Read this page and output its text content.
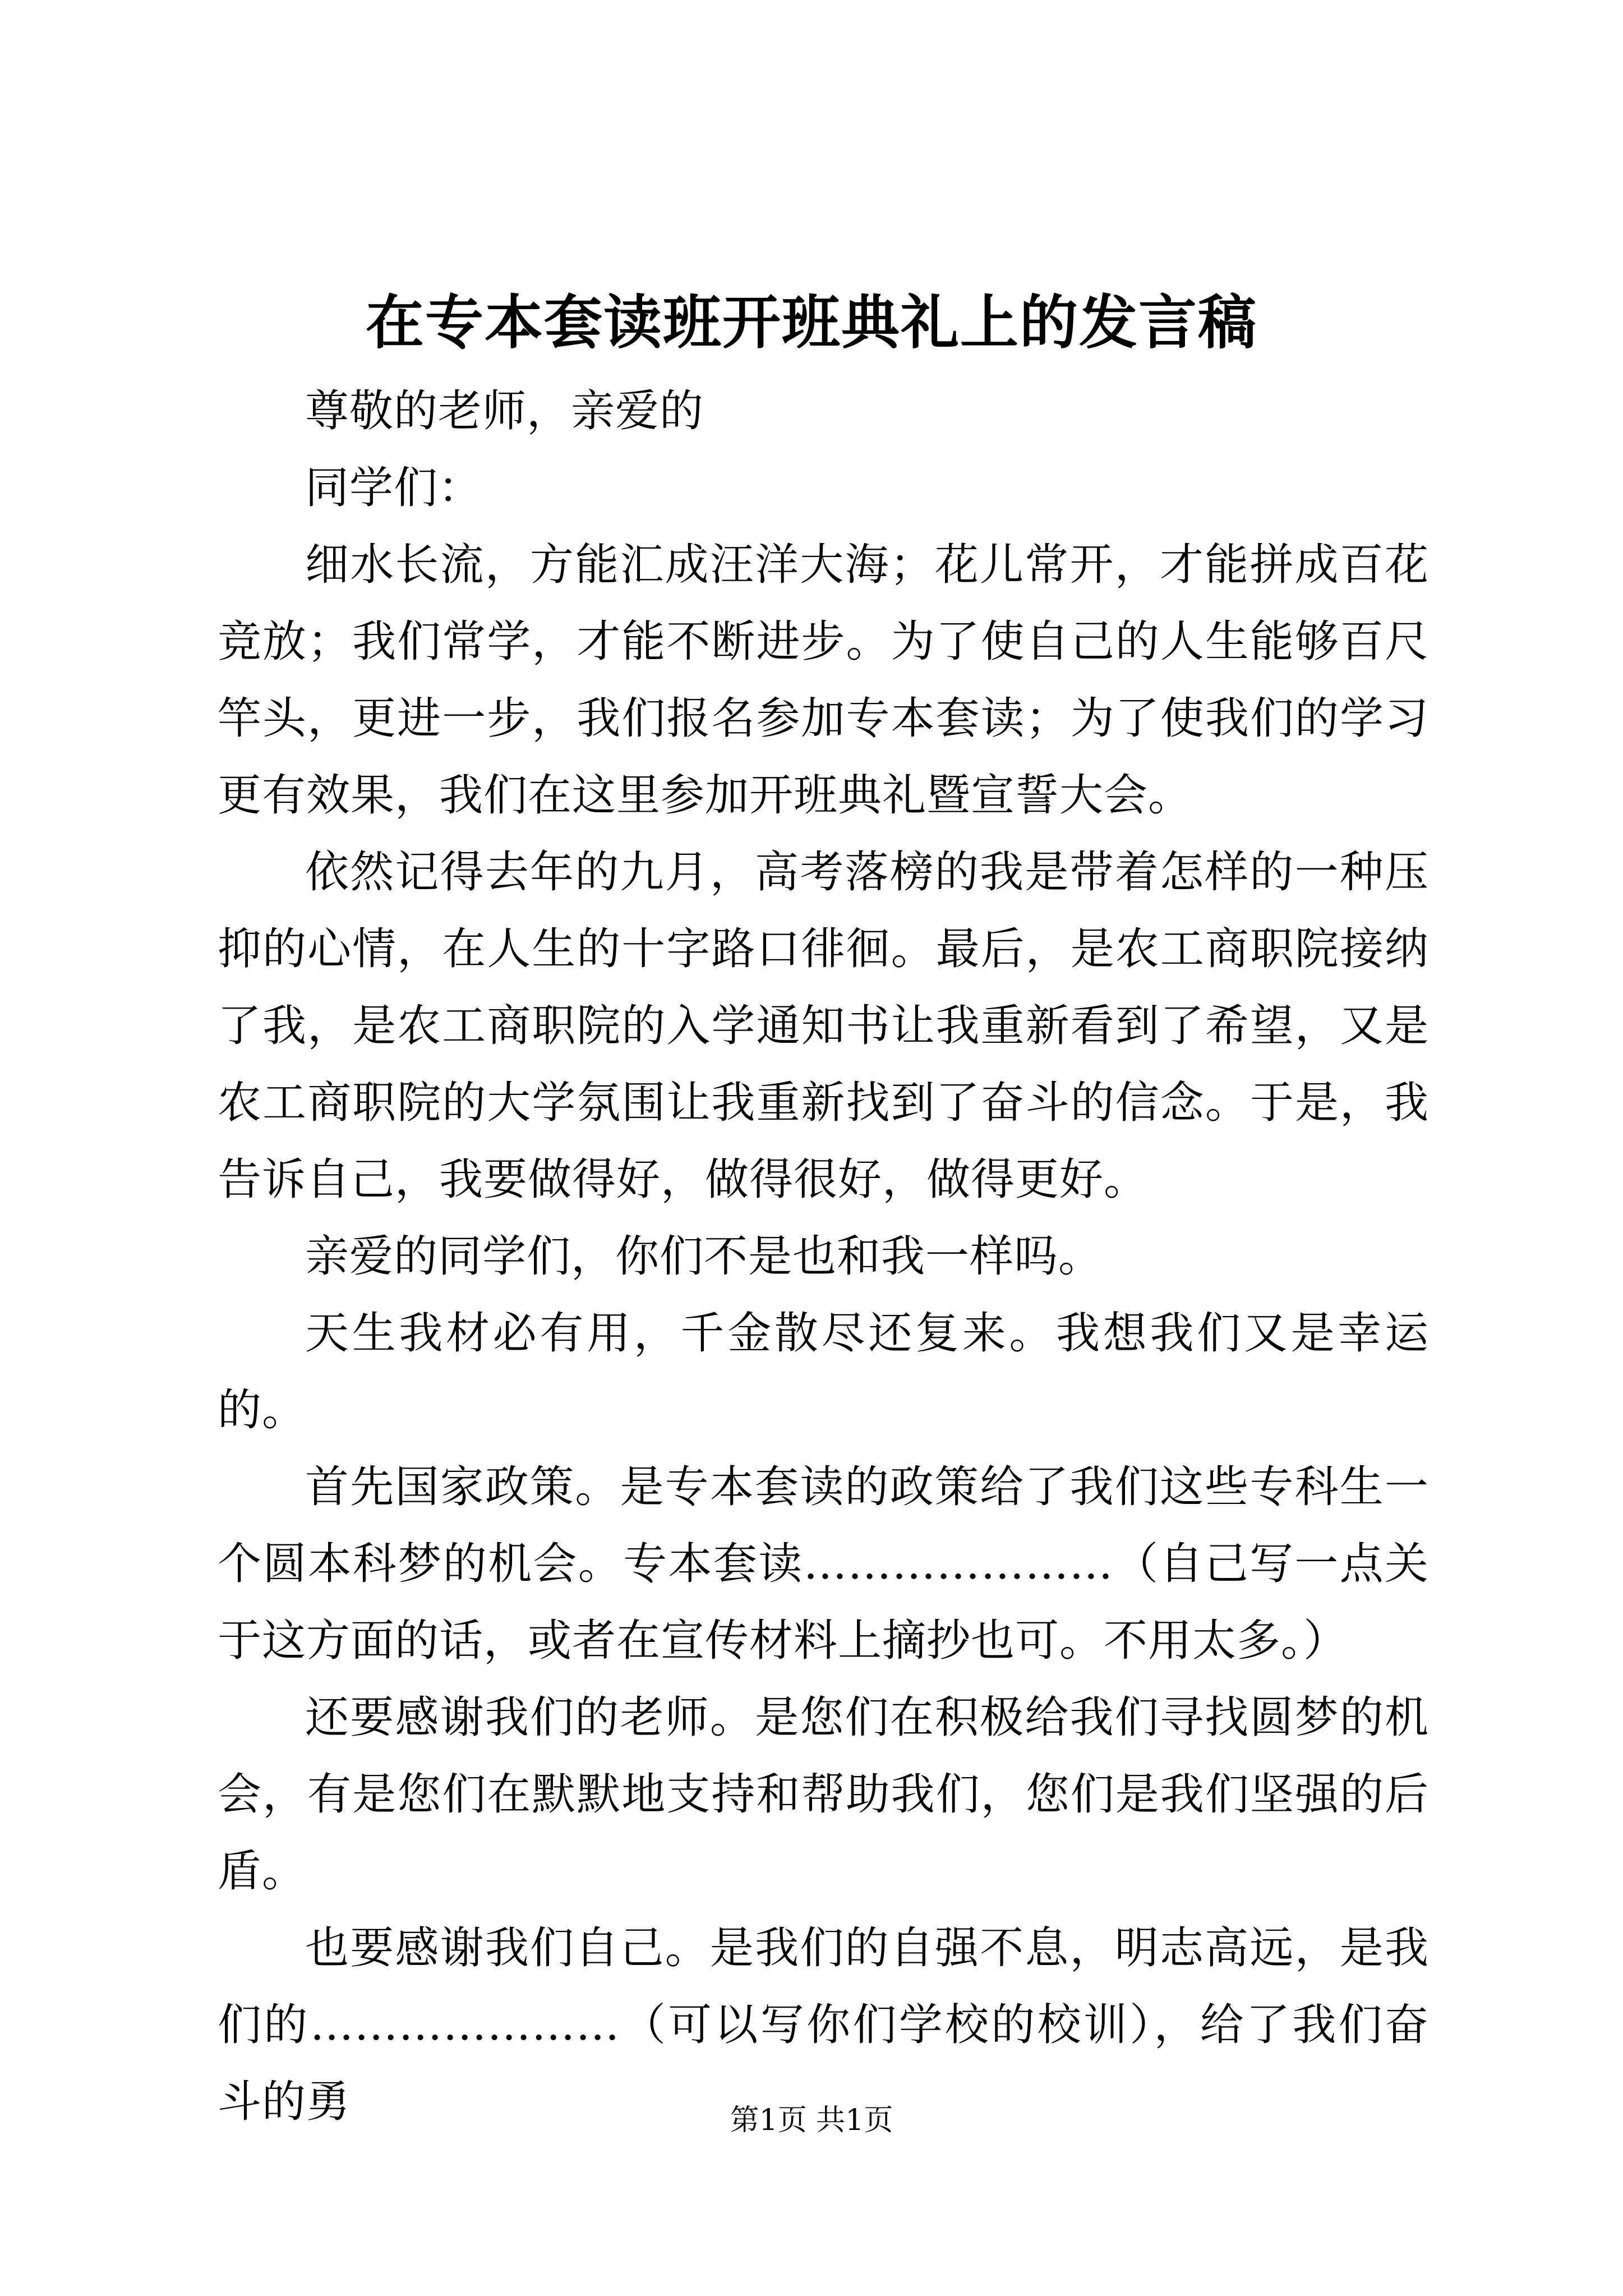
在专本套读班开班典礼上的发言稿

尊敬的老师，亲爱的

同学们：

细水长流，方能汇成汪洋大海；花儿常开，才能拼成百花竞放；我们常学，才能不断进步。为了使自己的人生能够百尺竿头，更进一步，我们报名参加专本套读；为了使我们的学习更有效果，我们在这里参加开班典礼暨宣誓大会。

依然记得去年的九月，高考落榜的我是带着怎样的一种压抑的心情，在人生的十字路口徘徊。最后，是农工商职院接纳了我，是农工商职院的入学通知书让我重新看到了希望，又是农工商职院的大学氛围让我重新找到了奋斗的信念。于是，我告诉自己，我要做得好，做得很好，做得更好。

亲爱的同学们，你们不是也和我一样吗。

天生我材必有用，千金散尽还复来。我想我们又是幸运的。

首先国家政策。是专本套读的政策给了我们这些专科生一个圆本科梦的机会。专本套读…………………（自己写一点关于这方面的话，或者在宣传材料上摘抄也可。不用太多。）

还要感谢我们的老师。是您们在积极给我们寻找圆梦的机会，有是您们在默默地支持和帮助我们，您们是我们坚强的后盾。

也要感谢我们自己。是我们的自强不息，明志高远，是我们的…………………（可以写你们学校的校训），给了我们奋斗的勇	第1页 共1页
